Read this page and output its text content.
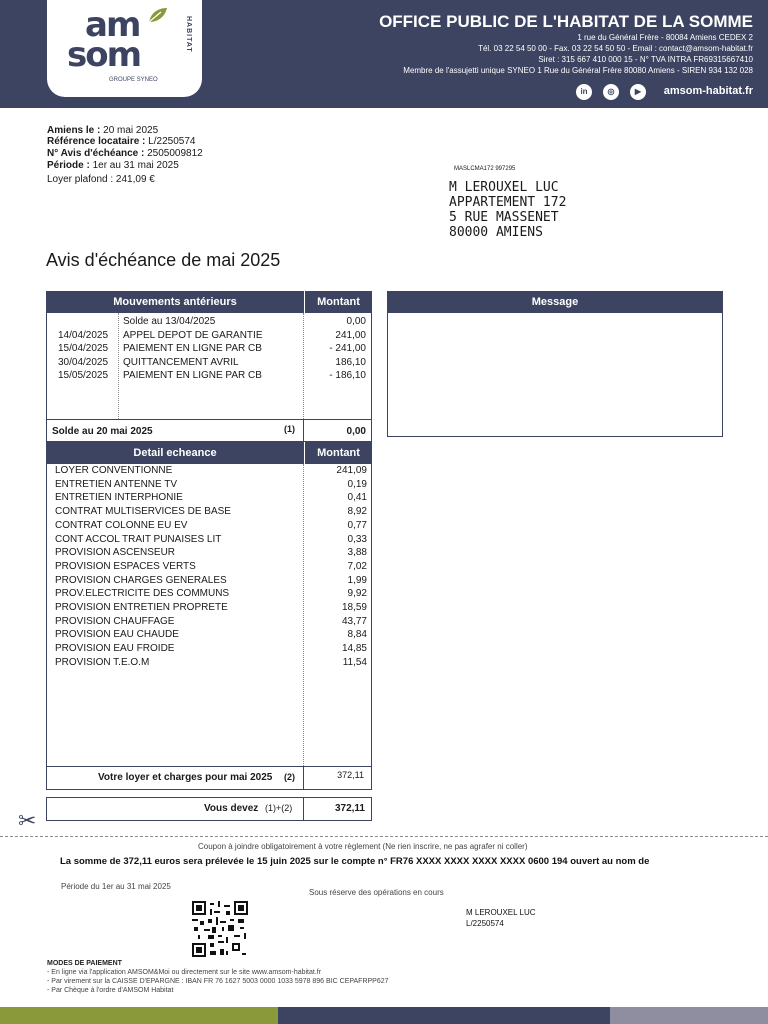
am
som
HABITAT
GROUPE SYNEO
OFFICE PUBLIC DE L'HABITAT DE LA SOMME
1 rue du Général Frère - 80084 Amiens CEDEX 2
Tél. 03 22 54 50 00 - Fax. 03 22 54 50 50 - Email : contact@amsom-habitat.fr
Siret : 315 667 410 000 15 - N° TVA INTRA FR69315667410
Membre de l'assujetti unique SYNEO 1 Rue du Général Frère 80080 Amiens - SIREN 934 132 028
in	◎	▶	amsom-habitat.fr
Amiens le : 20 mai 2025
Référence locataire : L/2250574
N° Avis d'échéance : 2505009812
Période : 1er au 31 mai 2025
Loyer plafond : 241,09 €
MASLCMA172 997295
M LEROUXEL LUC
APPARTEMENT 172
5 RUE MASSENET
80000 AMIENS
Avis d'échéance de mai 2025
Mouvements antérieurs	Montant
Solde au 13/04/2025	0,00
14/04/2025 APPEL DEPOT DE GARANTIE	241,00
15/04/2025 PAIEMENT EN LIGNE PAR CB	- 241,00
30/04/2025 QUITTANCEMENT AVRIL	186,10
15/05/2025 PAIEMENT EN LIGNE PAR CB	- 186,10
Solde au 20 mai 2025	(1)	0,00
Message
Detail echeance	Montant
LOYER CONVENTIONNE	241,09
ENTRETIEN ANTENNE TV	0,19
ENTRETIEN INTERPHONIE	0,41
CONTRAT MULTISERVICES DE BASE	8,92
CONTRAT COLONNE EU EV	0,77
CONT ACCOL TRAIT PUNAISES LIT	0,33
PROVISION ASCENSEUR	3,88
PROVISION ESPACES VERTS	7,02
PROVISION CHARGES GENERALES	1,99
PROV.ELECTRICITE DES COMMUNS	9,92
PROVISION ENTRETIEN PROPRETE	18,59
PROVISION CHAUFFAGE	43,77
PROVISION EAU CHAUDE	8,84
PROVISION EAU FROIDE	14,85
PROVISION T.E.O.M	11,54
Votre loyer et charges pour mai 2025 (2)	372,11
Vous devez (1)+(2)	372,11
✂
Coupon à joindre obligatoirement à votre règlement (Ne rien inscrire, ne pas agrafer ni coller)
La somme de 372,11 euros sera prélevée le 15 juin 2025 sur le compte n° FR76 XXXX XXXX XXXX XXXX 0600 194 ouvert au nom de
Période du 1er au 31 mai 2025
Sous réserve des opérations en cours
M LEROUXEL LUC
L/2250574
MODES DE PAIEMENT
- En ligne via l'application AMSOM&Moi ou directement sur le site www.amsom-habitat.fr
- Par virement sur la CAISSE D'EPARGNE : IBAN FR 76 1627 5003 0000 1033 5978 896 BIC CEPAFRPP627
- Par Chèque à l'ordre d'AMSOM Habitat
